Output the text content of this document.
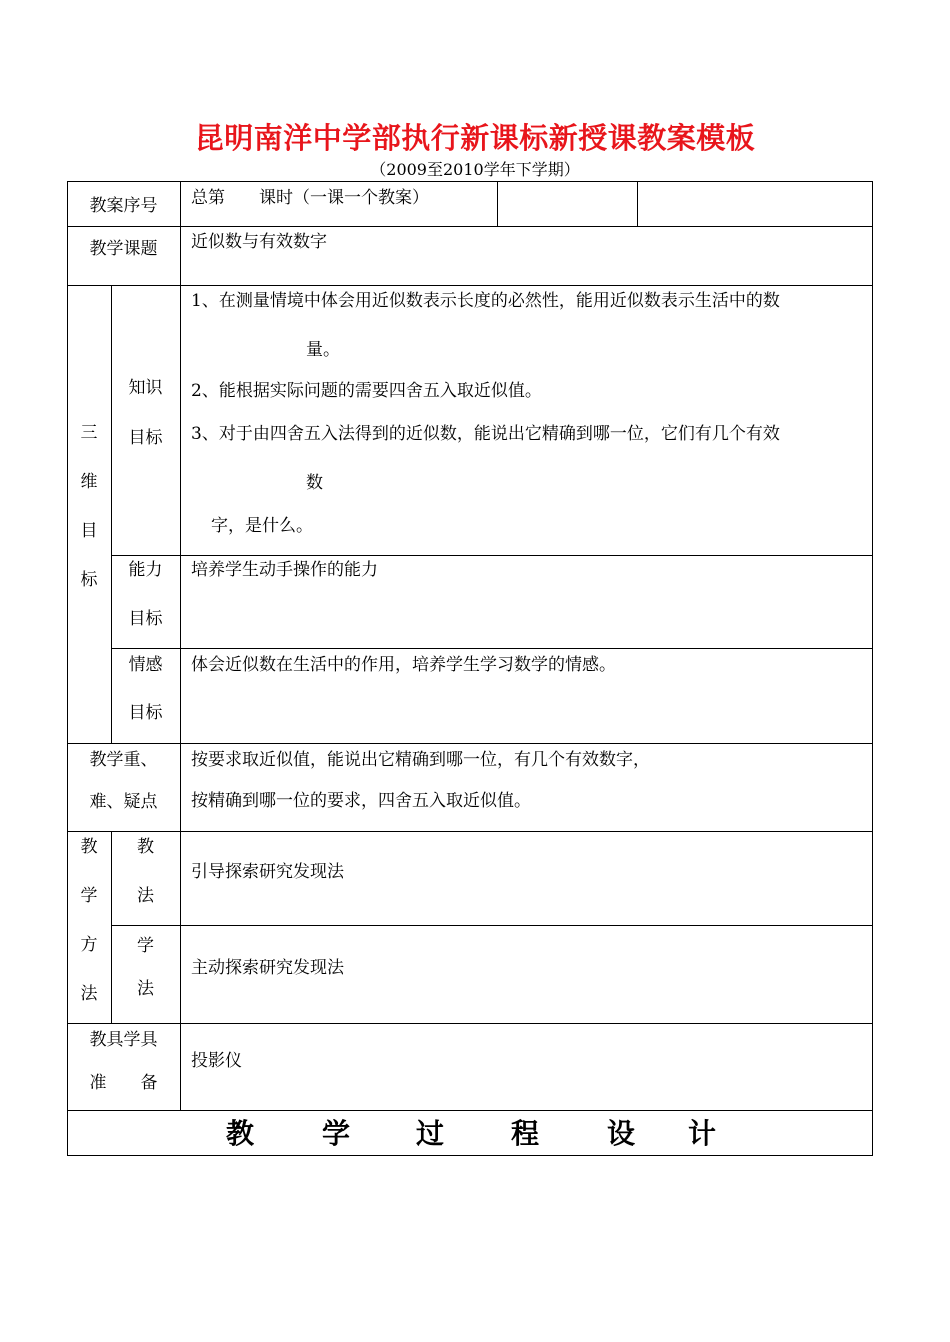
昆明南洋中学部执行新课标新授课教案模板
（2009至2010学年下学期）
教案序号	总第　　课时（一课一个教案）
教学课题	近似数与有效数字
三
维
目
标
知识
目标
1、在测量情境中体会用近似数表示长度的必然性，能用近似数表示生活中的数
量。
2、能根据实际问题的需要四舍五入取近似值。
3、对于由四舍五入法得到的近似数，能说出它精确到哪一位，它们有几个有效
数
字，是什么。
能力
目标
培养学生动手操作的能力
情感
目标
体会近似数在生活中的作用，培养学生学习数学的情感。
教学重、
难、疑点
按要求取近似值，能说出它精确到哪一位，有几个有效数字，
按精确到哪一位的要求，四舍五入取近似值。
教
学
方
法
教
法
引导探索研究发现法
学
法
主动探索研究发现法
教具学具
准　　备
投影仪
教 学 过 程 设 计
